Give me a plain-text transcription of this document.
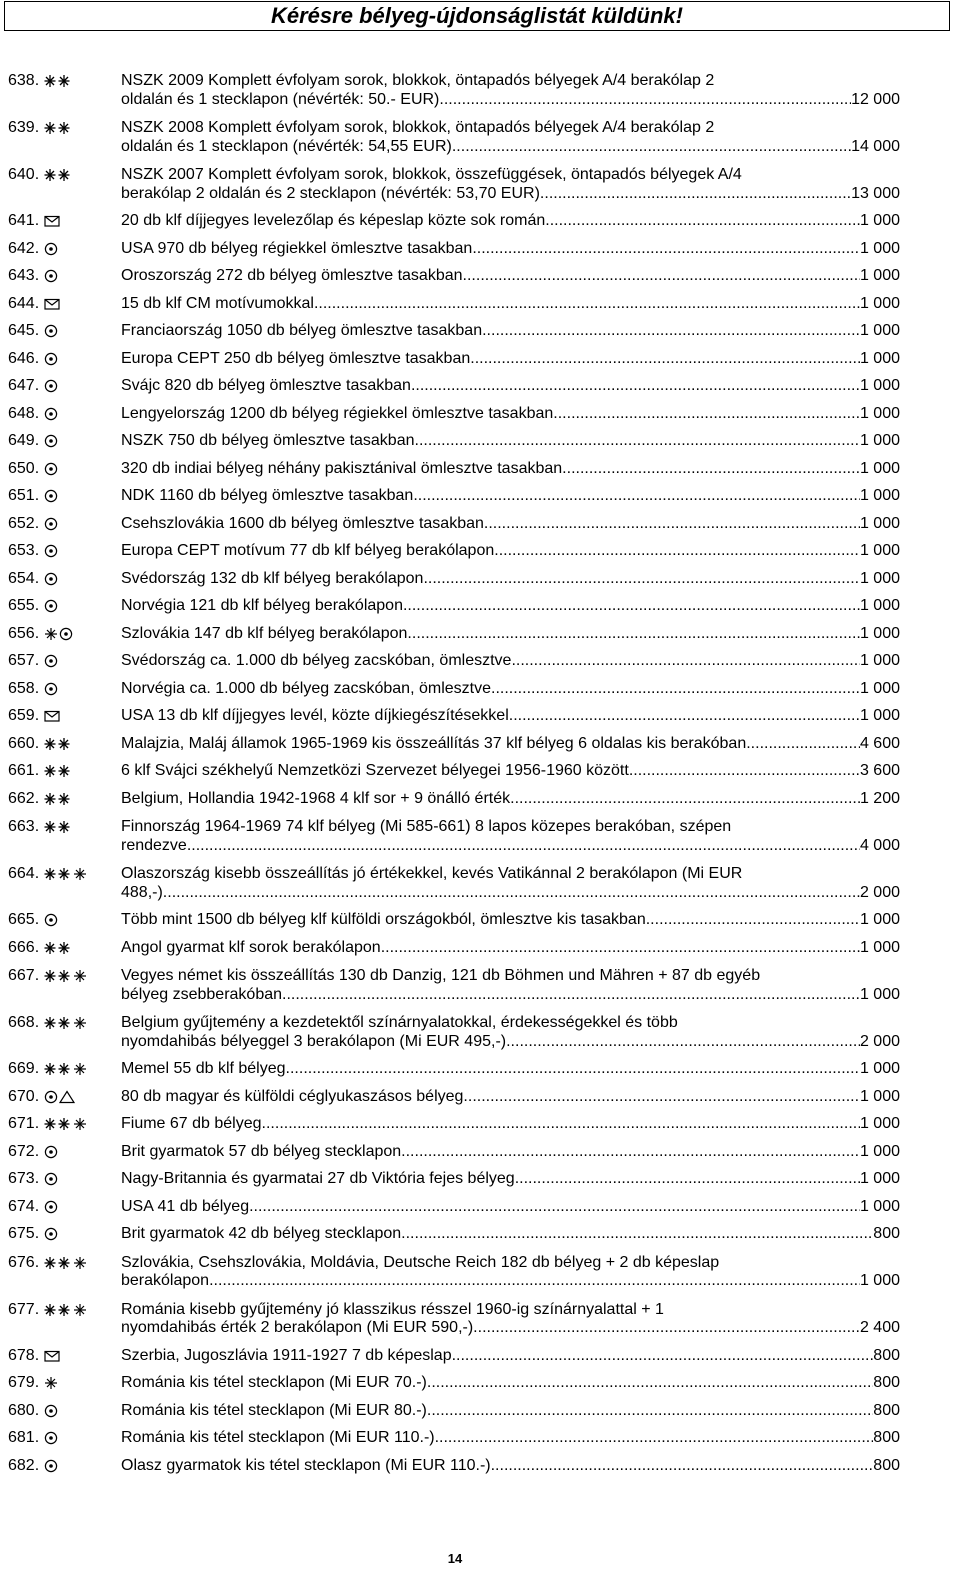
Kérésre bélyeg-újdonságlistát küldünk!
638.	NSZK 2009 Komplett évfolyam sorok, blokkok, öntapadós bélyegek A/4 berakólap 2
oldalán és 1 stecklapon (névérték: 50.- EUR) .....	12 000
639.	NSZK 2008 Komplett évfolyam sorok, blokkok, öntapadós bélyegek A/4 berakólap 2
oldalán és 1 stecklapon (névérték: 54,55 EUR) .....	14 000
640.	NSZK 2007 Komplett évfolyam sorok, blokkok, összefüggések, öntapadós bélyegek A/4
berakólap 2 oldalán és 2 stecklapon (névérték: 53,70 EUR) .....	13 000
641.	20 db klf díjjegyes levelezőlap és képeslap közte sok román .....	1 000
642.	USA 970 db bélyeg régiekkel ömlesztve tasakban .....	1 000
643.	Oroszország 272 db bélyeg ömlesztve tasakban .....	1 000
644.	15 db klf CM motívumokkal .....	1 000
645.	Franciaország 1050 db bélyeg ömlesztve tasakban .....	1 000
646.	Europa CEPT 250 db bélyeg ömlesztve tasakban .....	1 000
647.	Svájc 820 db bélyeg ömlesztve tasakban .....	1 000
648.	Lengyelország 1200 db bélyeg régiekkel ömlesztve tasakban .....	1 000
649.	NSZK 750 db bélyeg ömlesztve tasakban .....	1 000
650.	320 db indiai bélyeg néhány pakisztánival ömlesztve tasakban .....	1 000
651.	NDK 1160 db bélyeg ömlesztve tasakban .....	1 000
652.	Csehszlovákia 1600 db bélyeg ömlesztve tasakban .....	1 000
653.	Europa CEPT motívum 77 db klf bélyeg berakólapon .....	1 000
654.	Svédország 132 db klf bélyeg berakólapon .....	1 000
655.	Norvégia 121 db klf bélyeg berakólapon .....	1 000
656.	Szlovákia 147 db klf bélyeg berakólapon .....	1 000
657.	Svédország ca. 1.000 db bélyeg zacskóban, ömlesztve .....	1 000
658.	Norvégia ca. 1.000 db bélyeg zacskóban, ömlesztve .....	1 000
659.	USA 13 db klf díjjegyes levél, közte díjkiegészítésekkel .....	1 000
660.	Malajzia, Maláj államok 1965-1969 kis összeállítás 37 klf bélyeg 6 oldalas kis berakóban .....	4 600
661.	6 klf Svájci székhelyű Nemzetközi Szervezet bélyegei 1956-1960 között .....	3 600
662.	Belgium, Hollandia 1942-1968 4 klf sor + 9 önálló érték .....	1 200
663.	Finnország 1964-1969 74 klf bélyeg (Mi 585-661) 8 lapos közepes berakóban, szépen
rendezve .....	4 000
664.	Olaszország kisebb összeállítás jó értékekkel, kevés Vatikánnal 2 berakólapon (Mi EUR
488,-) .....	2 000
665.	Több mint 1500 db bélyeg klf külföldi országokból, ömlesztve kis tasakban .....	1 000
666.	Angol gyarmat klf sorok berakólapon .....	1 000
667.	Vegyes német kis összeállítás 130 db Danzig, 121 db Böhmen und Mähren + 87 db egyéb
bélyeg zsebberakóban .....	1 000
668.	Belgium gyűjtemény a kezdetektől színárnyalatokkal, érdekességekkel és több
nyomdahibás bélyeggel 3 berakólapon (Mi EUR 495,-) .....	2 000
669.	Memel 55 db klf bélyeg .....	1 000
670.	80 db magyar és külföldi céglyukaszásos bélyeg .....	1 000
671.	Fiume 67 db bélyeg .....	1 000
672.	Brit gyarmatok 57 db bélyeg stecklapon .....	1 000
673.	Nagy-Britannia és gyarmatai 27 db Viktória fejes bélyeg .....	1 000
674.	USA 41 db bélyeg .....	1 000
675.	Brit gyarmatok 42 db bélyeg stecklapon .....	800
676.	Szlovákia, Csehszlovákia, Moldávia, Deutsche Reich 182 db bélyeg + 2 db képeslap
berakólapon .....	1 000
677.	Románia kisebb gyűjtemény jó klasszikus résszel 1960-ig színárnyalattal + 1
nyomdahibás érték 2 berakólapon (Mi EUR 590,-) .....	2 400
678.	Szerbia, Jugoszlávia 1911-1927 7 db képeslap .....	800
679.	Románia kis tétel stecklapon (Mi EUR 70.-) .....	800
680.	Románia kis tétel stecklapon (Mi EUR 80.-) .....	800
681.	Románia kis tétel stecklapon (Mi EUR 110.-) .....	800
682.	Olasz gyarmatok kis tétel stecklapon (Mi EUR 110.-) .....	800
14
